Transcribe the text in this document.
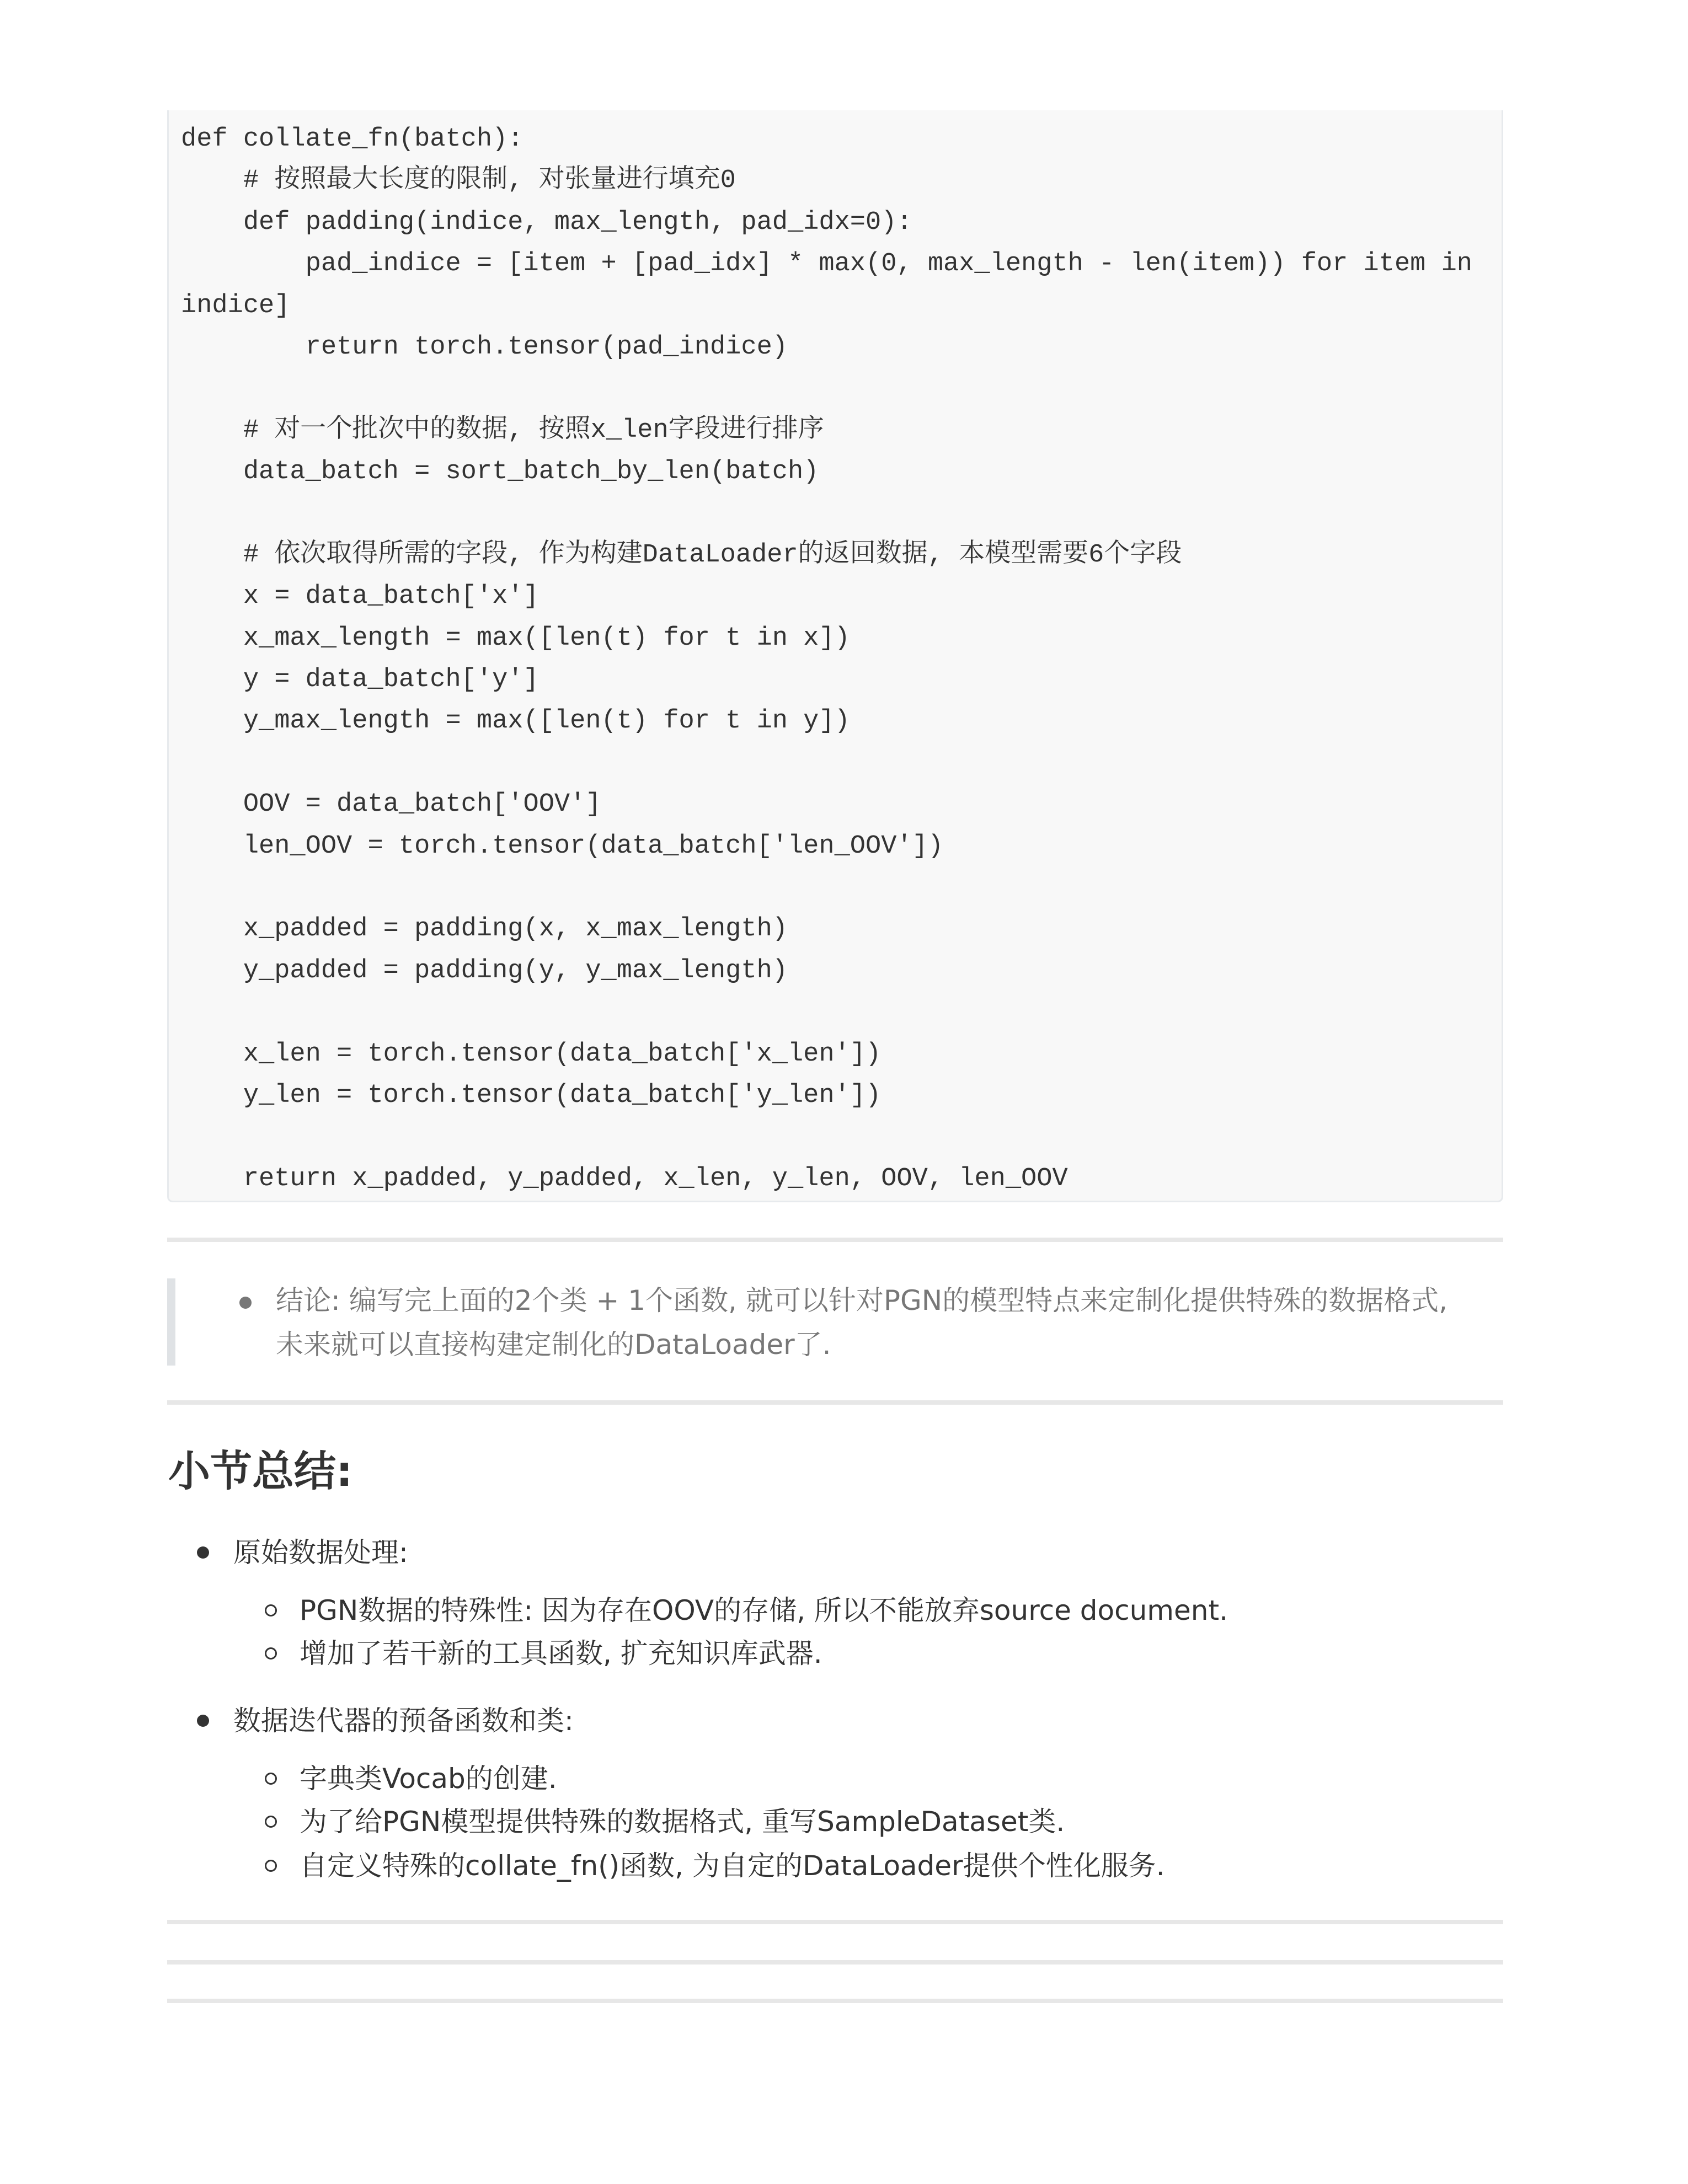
def collate_fn(batch):
# 按照最大长度的限制, 对张量进行填充0
def padding(indice, max_length, pad_idx=0):
pad_indice = [item + [pad_idx] * max(0, max_length - len(item)) for item in
indice]
return torch.tensor(pad_indice)
# 对一个批次中的数据, 按照x_len字段进行排序
data_batch = sort_batch_by_len(batch)
# 依次取得所需的字段, 作为构建DataLoader的返回数据, 本模型需要6个字段
x = data_batch['x']
x_max_length = max([len(t) for t in x])
y = data_batch['y']
y_max_length = max([len(t) for t in y])
OOV = data_batch['OOV']
len_OOV = torch.tensor(data_batch['len_OOV'])
x_padded = padding(x, x_max_length)
y_padded = padding(y, y_max_length)
x_len = torch.tensor(data_batch['x_len'])
y_len = torch.tensor(data_batch['y_len'])
return x_padded, y_padded, x_len, y_len, OOV, len_OOV
结论: 编写完上面的2个类 + 1个函数, 就可以针对PGN的模型特点来定制化提供特殊的数据格式,
未来就可以直接构建定制化的DataLoader了.
小节总结:
原始数据处理:
PGN数据的特殊性: 因为存在OOV的存储, 所以不能放弃source document.
增加了若干新的工具函数, 扩充知识库武器.
数据迭代器的预备函数和类:
字典类Vocab的创建.
为了给PGN模型提供特殊的数据格式, 重写SampleDataset类.
自定义特殊的collate_fn()函数, 为自定的DataLoader提供个性化服务.
